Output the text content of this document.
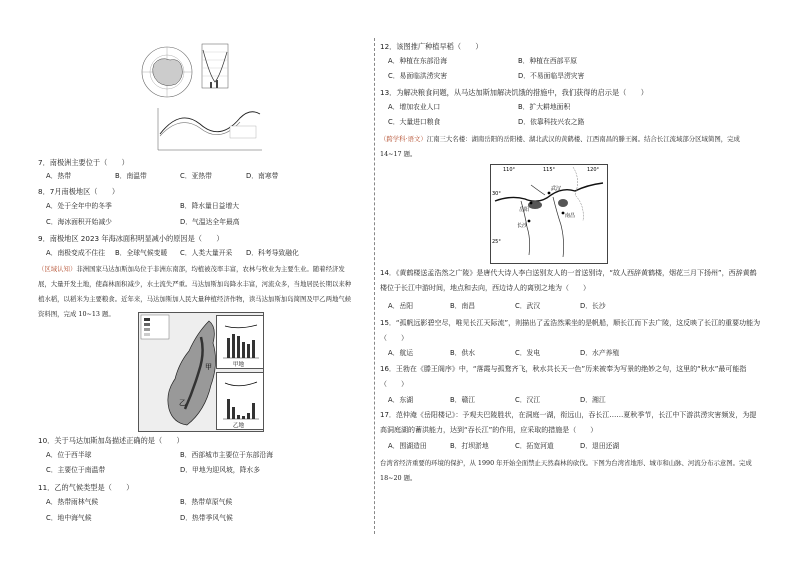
7．南极洲主要位于（　　）
A．热带	B．南温带	C．亚热带	D．南寒带
8．7月南极地区（　　）
A．处于全年中的冬季	B．降水量日益增大
C．海冰面积开始减少	D．气温达全年最高
9．南极地区 2023 年海冰面积明显减小的原因是（　　）
A．南极变成不住往 B．全球气候变暖 C．人类大量开采 D．科考导致融化
（区域认知）非洲国家马达加斯加岛位于非洲东南部，均植被茂率丰富，农林与牧业为主要生业。随着经济发展，大量开发土地，使森林面积减少，水土流失严重。马达加斯加岛降水丰富，河流众多，当地居民长期以来种植水稻，以稻米为主要粮食。近年来，马达加斯加人民大量种植经济作物，读马达加斯加岛简图及甲乙两地气候资料图，完成 10~13 题。
甲
乙
甲地
乙地
10．关于马达加斯加岛描述正确的是（　　）
A．位于西半球	B．西部城市主要位于东部沿海
C．主要位于南温带	D．甲地为迎风坡，降水多
11．乙的气候类型是（　　）
A．热带雨林气候	B．热带草原气候
C．地中海气候	D．热带季风气候
12．该图推广种植早稻（　　）
A．种植在东部沿海	B．种植在西部平原
C．易面临洪涝灾害	D．不易面临旱涝灾害
13．为解决粮食问题，从马达加斯加解决饥饿的措施中，我们获得的启示是（　　）
A．增加农业人口	B．扩大耕地面积
C．大量进口粮食	D．依靠科技兴农之路
（跨学科·语文）江南三大名楼：湖南岳阳的岳阳楼、湖北武汉的黄鹤楼、江西南昌的滕王阁。结合长江流域部分区域简图，完成 14~17 题。
110°	115°	120°
30°
25°
武汉
南昌
岳阳
长沙
14．《黄鹤楼送孟浩然之广陵》是唐代大诗人李白送别友人的一首送别诗，“故人西辞黄鹤楼，烟花三月下扬州”，西辞黄鹤楼位于长江中游时间，地点和去向，西边诗人的离别之地为（　　）
A．岳阳	B．南昌	C．武汉	D．长沙
15．“孤帆远影碧空尽，唯见长江天际流”，则描出了孟浩然乘坐的是帆船，顺长江而下去广陵，这反映了长江的重要功能为（　　）
A．航运	B．供水	C．发电	D．水产养殖
16．王勃在《滕王阁序》中，“落霞与孤鹜齐飞，秋水共长天一色”历来被奉为写景的绝妙之句，这里的“秋水”最可能指（　　）
A．东湖	B．赣江	C．汉江	D．湘江
17．范仲淹《岳阳楼记》：予观夫巴陵胜状，在洞庭一湖，衔远山，吞长江……夏秋季节，长江中下游洪涝灾害频发，为提高洞庭湖的蓄洪能力，达到“吞长江”的作用，应采取的措施是（　　）
A．围湖造田	B．打坝淤地	C．拓宽河道	D．退田还湖
台湾省经济重要的环境的保护，从 1990 年开始全面禁止天然森林的砍伐。下图为台湾省地形、城市和山脉、河流分布示意图。完成 18~20 题。
